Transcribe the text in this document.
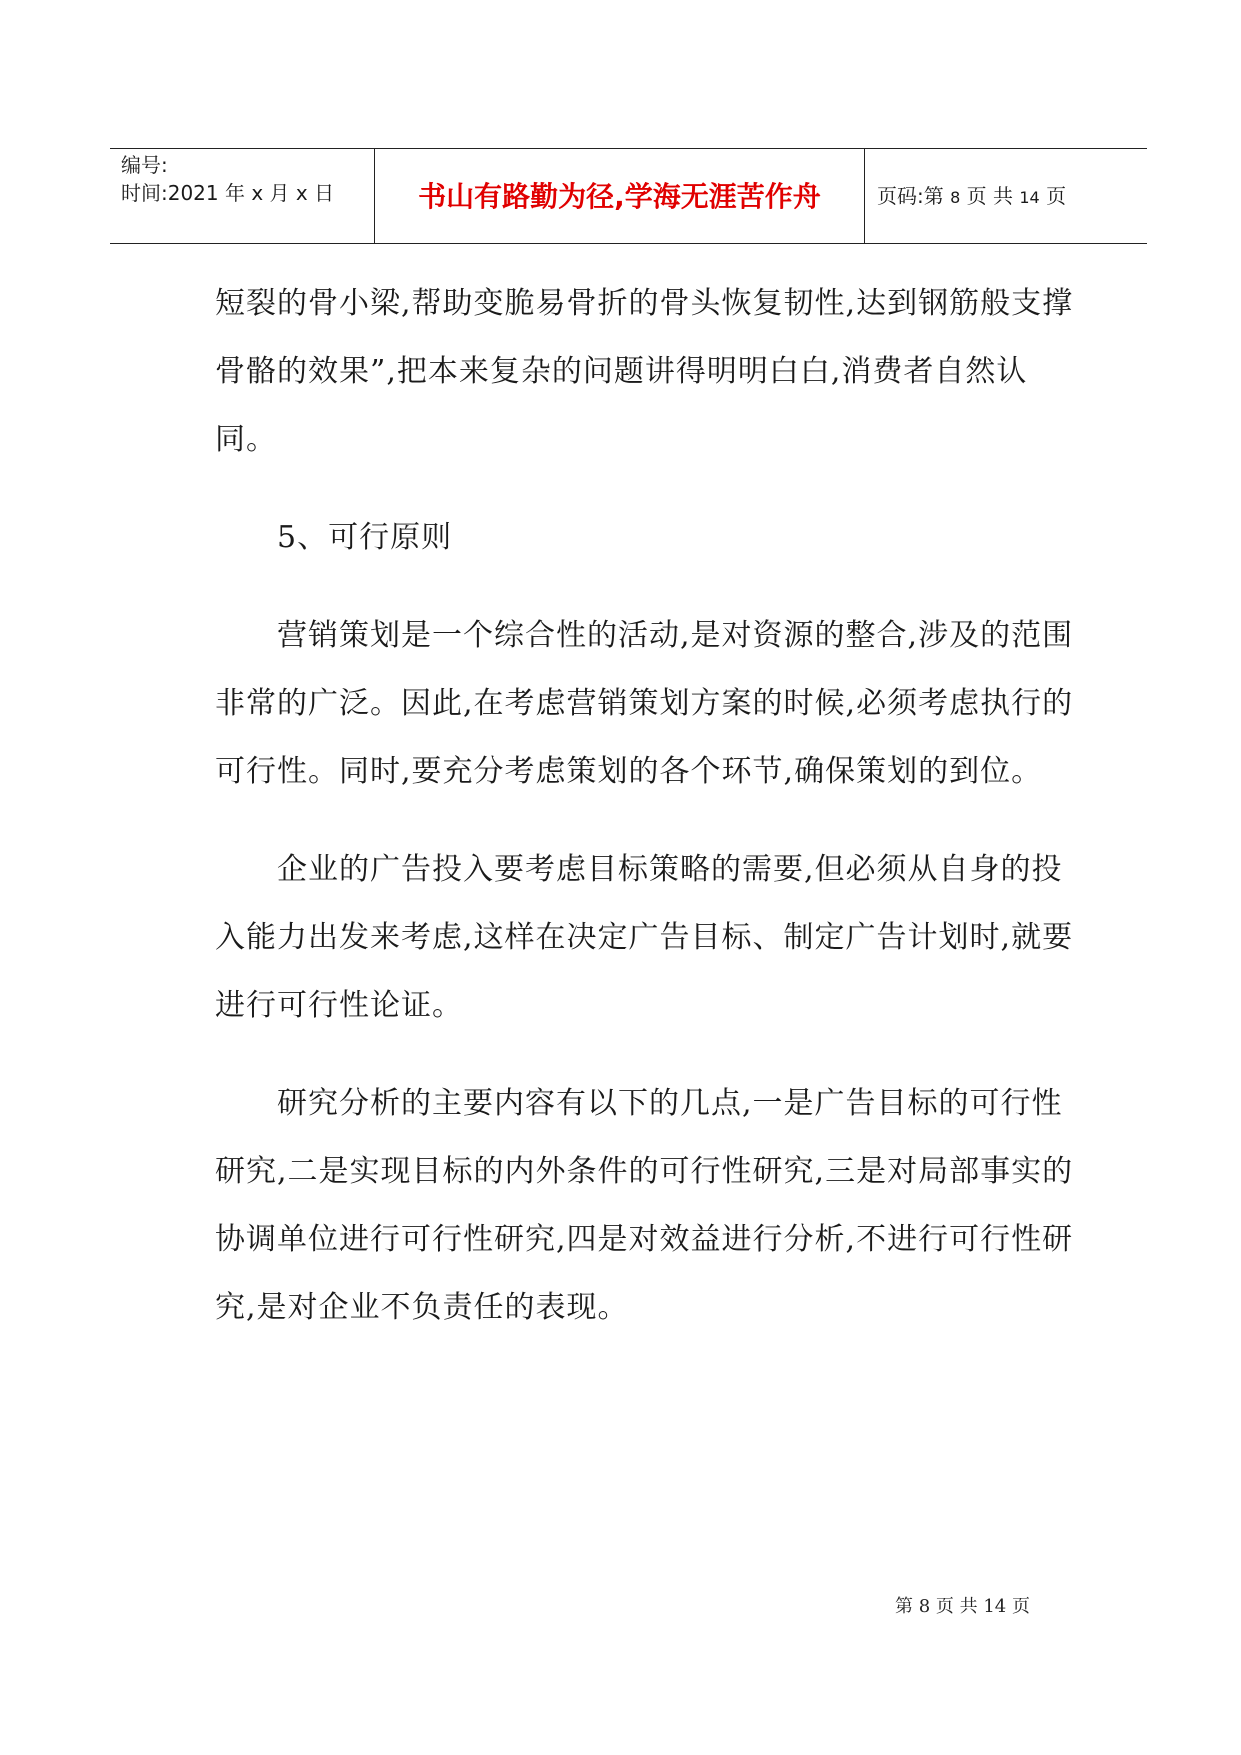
编号:
时间:2021 年 x 月 x 日	书山有路勤为径,学海无涯苦作舟	页码:第 8 页 共 14 页

短裂的骨小梁,帮助变脆易骨折的骨头恢复韧性,达到钢筋般支撑骨骼的效果”,把本来复杂的问题讲得明明白白,消费者自然认同。

5、可行原则

营销策划是一个综合性的活动,是对资源的整合,涉及的范围非常的广泛。因此,在考虑营销策划方案的时候,必须考虑执行的可行性。同时,要充分考虑策划的各个环节,确保策划的到位。

企业的广告投入要考虑目标策略的需要,但必须从自身的投入能力出发来考虑,这样在决定广告目标、制定广告计划时,就要进行可行性论证。

研究分析的主要内容有以下的几点,一是广告目标的可行性研究,二是实现目标的内外条件的可行性研究,三是对局部事实的协调单位进行可行性研究,四是对效益进行分析,不进行可行性研究,是对企业不负责任的表现。

第 8 页 共 14 页
